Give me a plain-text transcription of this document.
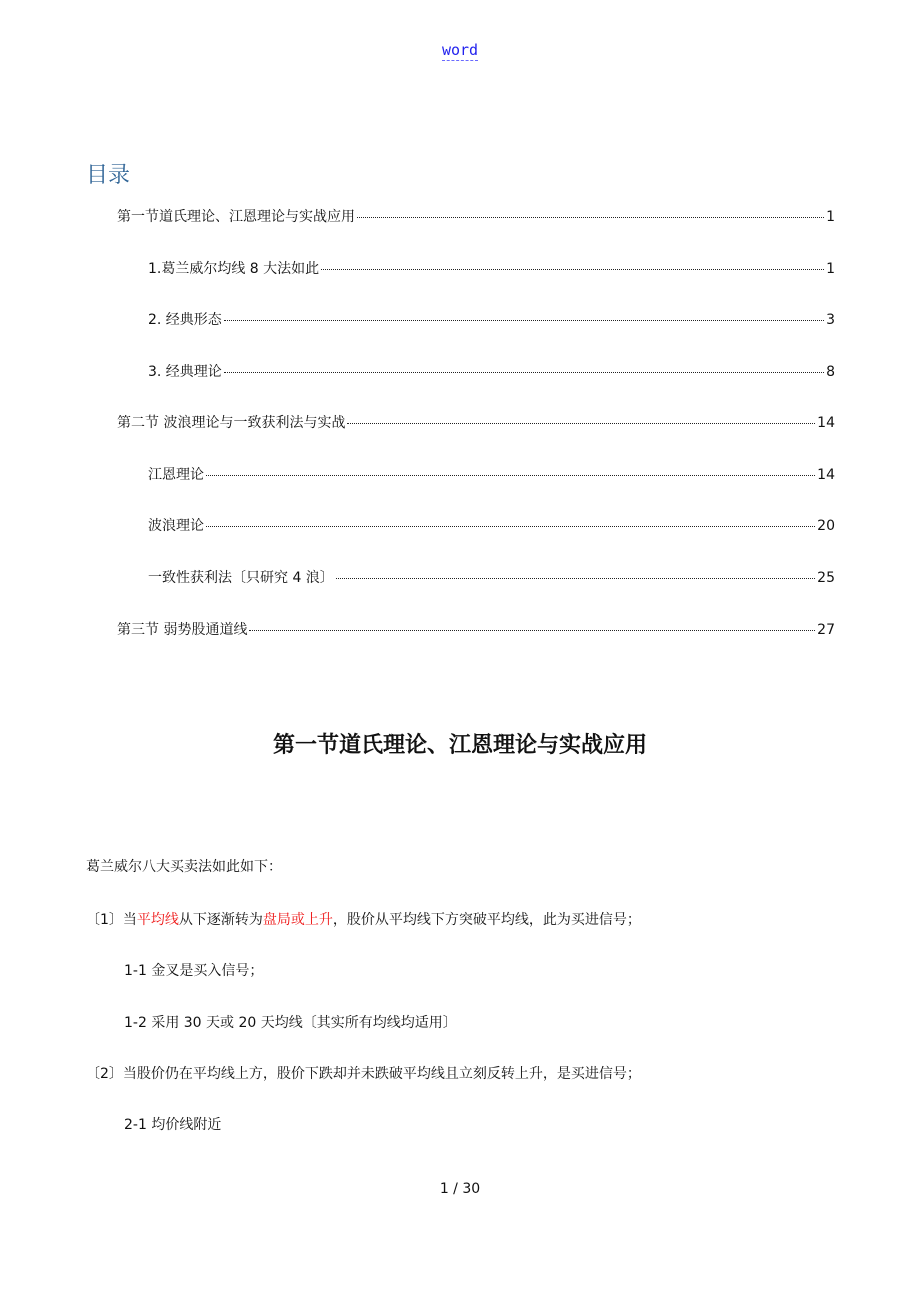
word
目录
第一节道氏理论、江恩理论与实战应用	1
1.葛兰威尔均线 8 大法如此	1
2. 经典形态	3
3. 经典理论	8
第二节 波浪理论与一致获利法与实战	14
江恩理论	14
波浪理论	20
一致性获利法〔只研究 4 浪〕	25
第三节 弱势股通道线	27
第一节道氏理论、江恩理论与实战应用
葛兰威尔八大买卖法如此如下：
〔1〕当平均线从下逐渐转为盘局或上升，股价从平均线下方突破平均线，此为买进信号；
1-1 金叉是买入信号；
1-2 采用 30 天或 20 天均线〔其实所有均线均适用〕
〔2〕当股价仍在平均线上方，股价下跌却并未跌破平均线且立刻反转上升，是买进信号；
2-1 均价线附近
1 / 30
